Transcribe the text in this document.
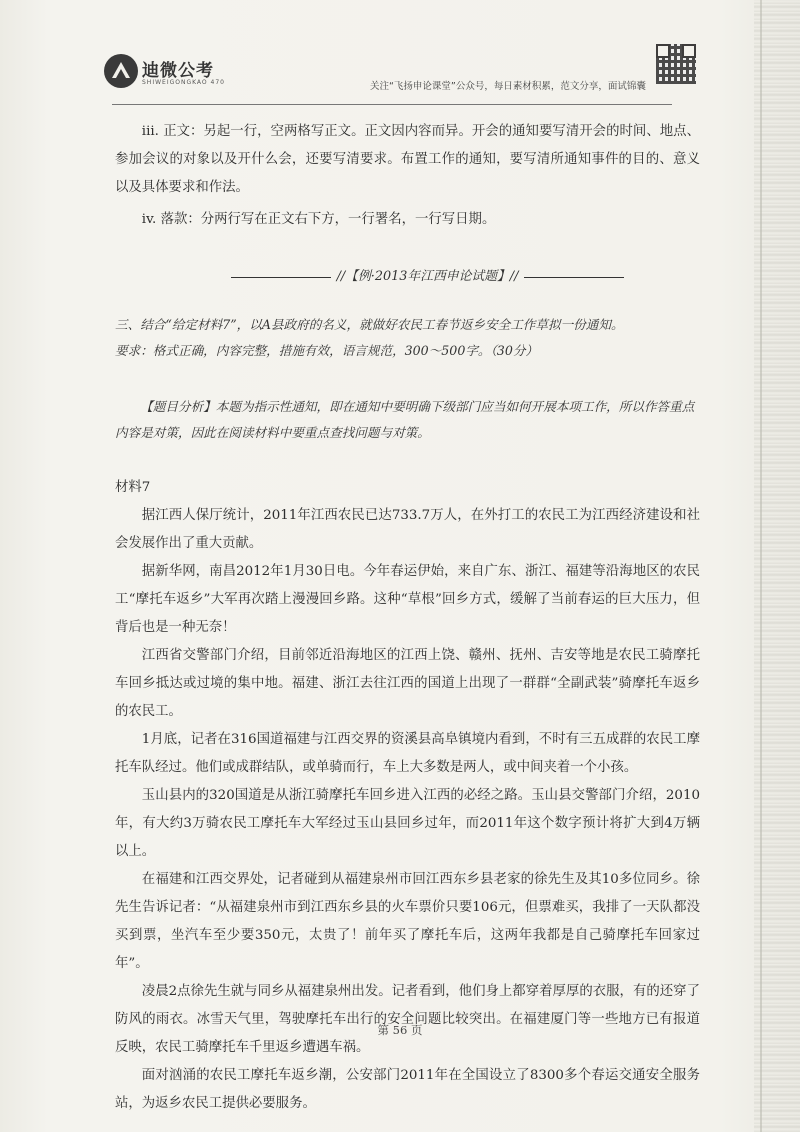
迪微公考
SHIWEIGONGKAO 470	关注“飞扬申论课堂”公众号，每日素材积累，范文分享，面试锦囊

iii. 正文：另起一行，空两格写正文。正文因内容而异。开会的通知要写清开会的时间、地点、参加会议的对象以及开什么会，还要写清要求。布置工作的通知，要写清所通知事件的目的、意义以及具体要求和作法。

iv. 落款：分两行写在正文右下方，一行署名，一行写日期。

//【例·2013年江西申论试题】//

三、结合“给定材料7”，以A县政府的名义，就做好农民工春节返乡安全工作草拟一份通知。

要求：格式正确，内容完整，措施有效，语言规范，300～500字。（30分）

【题目分析】本题为指示性通知，即在通知中要明确下级部门应当如何开展本项工作，所以作答重点内容是对策，因此在阅读材料中要重点查找问题与对策。

材料7

据江西人保厅统计，2011年江西农民已达733.7万人，在外打工的农民工为江西经济建设和社会发展作出了重大贡献。

据新华网，南昌2012年1月30日电。今年春运伊始，来自广东、浙江、福建等沿海地区的农民工“摩托车返乡”大军再次踏上漫漫回乡路。这种“草根”回乡方式，缓解了当前春运的巨大压力，但背后也是一种无奈！

江西省交警部门介绍，目前邻近沿海地区的江西上饶、赣州、抚州、吉安等地是农民工骑摩托车回乡抵达或过境的集中地。福建、浙江去往江西的国道上出现了一群群“全副武装”骑摩托车返乡的农民工。

1月底，记者在316国道福建与江西交界的资溪县高阜镇境内看到，不时有三五成群的农民工摩托车队经过。他们或成群结队，或单骑而行，车上大多数是两人，或中间夹着一个小孩。

玉山县内的320国道是从浙江骑摩托车回乡进入江西的必经之路。玉山县交警部门介绍，2010年，有大约3万骑农民工摩托车大军经过玉山县回乡过年，而2011年这个数字预计将扩大到4万辆以上。

在福建和江西交界处，记者碰到从福建泉州市回江西东乡县老家的徐先生及其10多位同乡。徐先生告诉记者：“从福建泉州市到江西东乡县的火车票价只要106元，但票难买，我排了一天队都没买到票，坐汽车至少要350元，太贵了！前年买了摩托车后，这两年我都是自己骑摩托车回家过年”。

凌晨2点徐先生就与同乡从福建泉州出发。记者看到，他们身上都穿着厚厚的衣服，有的还穿了防风的雨衣。冰雪天气里，驾驶摩托车出行的安全问题比较突出。在福建厦门等一些地方已有报道反映，农民工骑摩托车千里返乡遭遇车祸。

面对汹涌的农民工摩托车返乡潮，公安部门2011年在全国设立了8300多个春运交通安全服务站，为返乡农民工提供必要服务。

第 56 页
